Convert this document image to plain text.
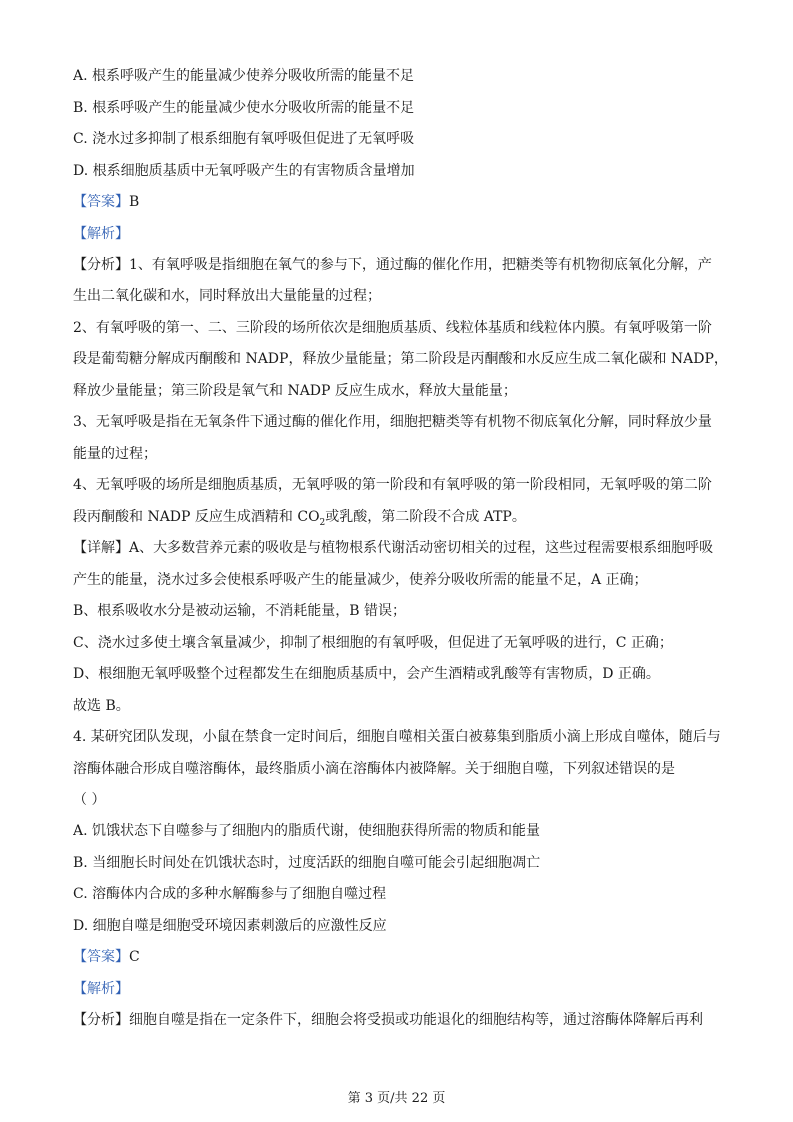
A. 根系呼吸产生的能量减少使养分吸收所需的能量不足
B. 根系呼吸产生的能量减少使水分吸收所需的能量不足
C. 浇水过多抑制了根系细胞有氧呼吸但促进了无氧呼吸
D. 根系细胞质基质中无氧呼吸产生的有害物质含量增加
【答案】B
【解析】
【分析】1、有氧呼吸是指细胞在氧气的参与下，通过酶的催化作用，把糖类等有机物彻底氧化分解，产
生出二氧化碳和水，同时释放出大量能量的过程；
2、有氧呼吸的第一、二、三阶段的场所依次是细胞质基质、线粒体基质和线粒体内膜。有氧呼吸第一阶
段是葡萄糖分解成丙酮酸和 NADP，释放少量能量；第二阶段是丙酮酸和水反应生成二氧化碳和 NADP，
释放少量能量；第三阶段是氧气和 NADP 反应生成水，释放大量能量；
3、无氧呼吸是指在无氧条件下通过酶的催化作用，细胞把糖类等有机物不彻底氧化分解，同时释放少量
能量的过程；
4、无氧呼吸的场所是细胞质基质，无氧呼吸的第一阶段和有氧呼吸的第一阶段相同，无氧呼吸的第二阶
段丙酮酸和 NADP 反应生成酒精和 $CO_2$或乳酸，第二阶段不合成 ATP。
【详解】A、大多数营养元素的吸收是与植物根系代谢活动密切相关的过程，这些过程需要根系细胞呼吸
产生的能量，浇水过多会使根系呼吸产生的能量减少，使养分吸收所需的能量不足，A 正确；
B、根系吸收水分是被动运输，不消耗能量，B 错误；
C、浇水过多使土壤含氧量减少，抑制了根细胞的有氧呼吸，但促进了无氧呼吸的进行，C 正确；
D、根细胞无氧呼吸整个过程都发生在细胞质基质中，会产生酒精或乳酸等有害物质，D 正确。
故选 B。
4. 某研究团队发现，小鼠在禁食一定时间后，细胞自噬相关蛋白被募集到脂质小滴上形成自噬体，随后与
溶酶体融合形成自噬溶酶体，最终脂质小滴在溶酶体内被降解。关于细胞自噬，下列叙述错误的是
（ ）
A. 饥饿状态下自噬参与了细胞内的脂质代谢，使细胞获得所需的物质和能量
B. 当细胞长时间处在饥饿状态时，过度活跃的细胞自噬可能会引起细胞凋亡
C. 溶酶体内合成的多种水解酶参与了细胞自噬过程
D. 细胞自噬是细胞受环境因素刺激后的应激性反应
【答案】C
【解析】
【分析】细胞自噬是指在一定条件下，细胞会将受损或功能退化的细胞结构等，通过溶酶体降解后再利
第 3 页/共 22 页
